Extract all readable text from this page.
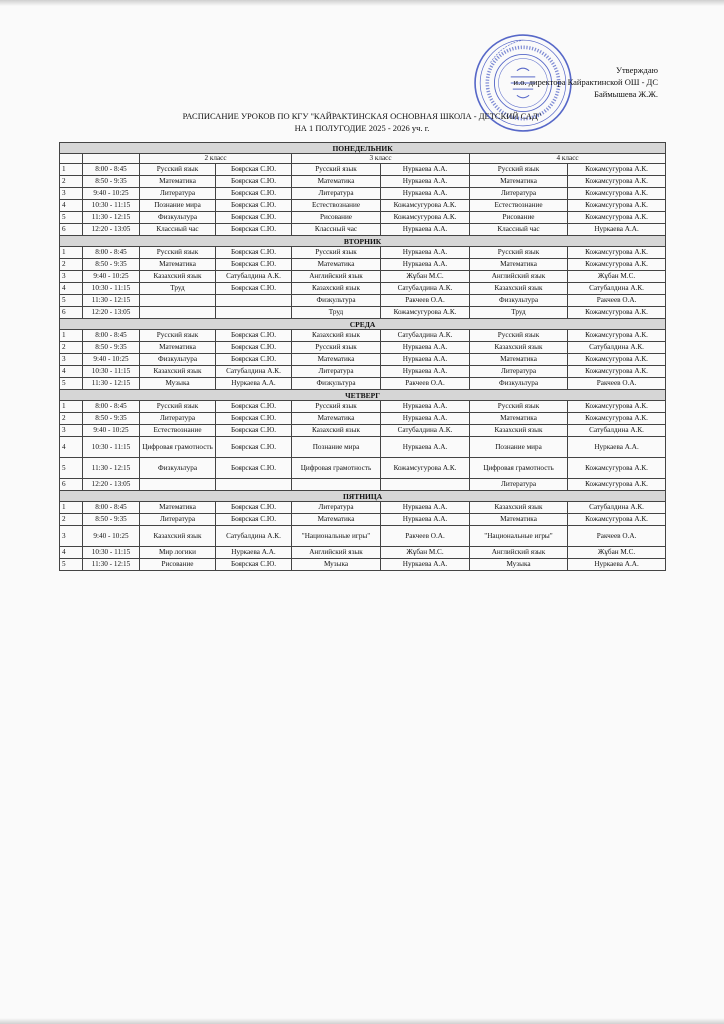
Утверждаю
и.о. директора Кайрактинской ОШ - ДС
Баймышева Ж.Ж.
РАСПИСАНИЕ УРОКОВ ПО КГУ "КАЙРАКТИНСКАЯ ОСНОВНАЯ ШКОЛА - ДЕТСКИЙ САД"
НА 1 ПОЛУГОДИЕ 2025 - 2026 уч. г.
ПОНЕДЕЛЬНИК							
		2 класс		3 класс		4 класс	
1	8:00 - 8:45	Русский язык	Боярская С.Ю.	Русский язык	Нуркаева А.А.	Русский язык	Кожамсугурова А.К.
2	8:50 - 9:35	Математика	Боярская С.Ю.	Математика	Нуркаева А.А.	Математика	Кожамсугурова А.К.
3	9:40 - 10:25	Литература	Боярская С.Ю.	Литература	Нуркаева А.А.	Литература	Кожамсугурова А.К.
4	10:30 - 11:15	Познание мира	Боярская С.Ю.	Естествознание	Кожамсугурова А.К.	Естествознание	Кожамсугурова А.К.
5	11:30 - 12:15	Физкультура	Боярская С.Ю.	Рисование	Кожамсугурова А.К.	Рисование	Кожамсугурова А.К.
6	12:20 - 13:05	Классный час	Боярская С.Ю.	Классный час	Нуркаева А.А.	Классный час	Нуркаева А.А.
ВТОРНИК							
1	8:00 - 8:45	Русский язык	Боярская С.Ю.	Русский язык	Нуркаева А.А.	Русский язык	Кожамсугурова А.К.
2	8:50 - 9:35	Математика	Боярская С.Ю.	Математика	Нуркаева А.А.	Математика	Кожамсугурова А.К.
3	9:40 - 10:25	Казахский язык	Сатубалдина А.К.	Английский язык	Жұбан М.С.	Английский язык	Жұбан М.С.
4	10:30 - 11:15	Труд	Боярская С.Ю.	Казахский язык	Сатубалдина А.К.	Казахский язык	Сатубалдина А.К.
5	11:30 - 12:15			Физкультура	Ракчеев О.А.	Физкультура	Ракчеев О.А.
6	12:20 - 13:05			Труд	Кожамсугурова А.К.	Труд	Кожамсугурова А.К.
СРЕДА							
1	8:00 - 8:45	Русский язык	Боярская С.Ю.	Казахский язык	Сатубалдина А.К.	Русский язык	Кожамсугурова А.К.
2	8:50 - 9:35	Математика	Боярская С.Ю.	Русский язык	Нуркаева А.А.	Казахский язык	Сатубалдина А.К.
3	9:40 - 10:25	Физкультура	Боярская С.Ю.	Математика	Нуркаева А.А.	Математика	Кожамсугурова А.К.
4	10:30 - 11:15	Казахский язык	Сатубалдина А.К.	Литература	Нуркаева А.А.	Литература	Кожамсугурова А.К.
5	11:30 - 12:15	Музыка	Нуркаева А.А.	Физкультура	Ракчеев О.А.	Физкультура	Ракчеев О.А.
ЧЕТВЕРГ							
1	8:00 - 8:45	Русский язык	Боярская С.Ю.	Русский язык	Нуркаева А.А.	Русский язык	Кожамсугурова А.К.
2	8:50 - 9:35	Литература	Боярская С.Ю.	Математика	Нуркаева А.А.	Математика	Кожамсугурова А.К.
3	9:40 - 10:25	Естествознание	Боярская С.Ю.	Казахский язык	Сатубалдина А.К.	Казахский язык	Сатубалдина А.К.
4	10:30 - 11:15	Цифровая грамотность	Боярская С.Ю.	Познание мира	Нуркаева А.А.	Познание мира	Нуркаева А.А.
5	11:30 - 12:15	Физкультура	Боярская С.Ю.	Цифровая грамотность	Кожамсугурова А.К.	Цифровая грамотность	Кожамсугурова А.К.
6	12:20 - 13:05					Литература	Кожамсугурова А.К.
ПЯТНИЦА							
1	8:00 - 8:45	Математика	Боярская С.Ю.	Литература	Нуркаева А.А.	Казахский язык	Сатубалдина А.К.
2	8:50 - 9:35	Литература	Боярская С.Ю.	Математика	Нуркаева А.А.	Математика	Кожамсугурова А.К.
3	9:40 - 10:25	Казахский язык	Сатубалдина А.К.	"Национальные игры"	Ракчеев О.А.	"Национальные игры"	Ракчеев О.А.
4	10:30 - 11:15	Мир логики	Нуркаева А.А.	Английский язык	Жұбан М.С.	Английский язык	Жұбан М.С.
5	11:30 - 12:15	Рисование	Боярская С.Ю.	Музыка	Нуркаева А.А.	Музыка	Нуркаева А.А.
